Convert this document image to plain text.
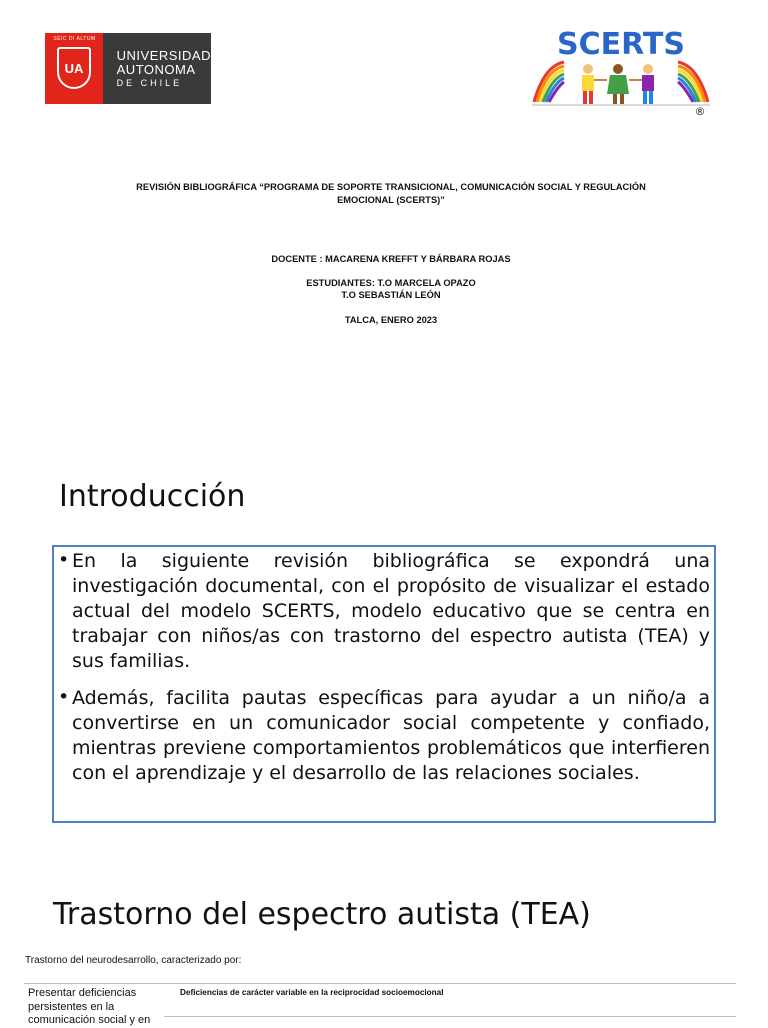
SEIC DI ALTUM
UA
UNIVERSIDAD
AUTONOMA
DE CHILE
SCERTS
®
REVISIÓN BIBLIOGRÁFICA “PROGRAMA DE SOPORTE TRANSICIONAL, COMUNICACIÓN SOCIAL Y REGULACIÓN
EMOCIONAL (SCERTS)”
DOCENTE : MACARENA KREFFT Y BÁRBARA ROJAS
ESTUDIANTES: T.O MARCELA OPAZO
T.O SEBASTIÁN LEÓN
TALCA, ENERO 2023
Introducción
• En la siguiente revisión bibliográfica se expondrá una investigación documental, con el propósito de visualizar el estado actual del modelo SCERTS, modelo educativo que se centra en trabajar con niños/as con trastorno del espectro autista (TEA) y sus familias.
• Además, facilita pautas específicas para ayudar a un niño/a a convertirse en un comunicador social competente y confiado, mientras previene comportamientos problemáticos que interfieren con el aprendizaje y el desarrollo de las relaciones sociales.
Trastorno del espectro autista (TEA)
Trastorno del neurodesarrollo, caracterizado por:
Presentar deficiencias persistentes en la comunicación social y en
Deficiencias de carácter variable en la reciprocidad socioemocional
